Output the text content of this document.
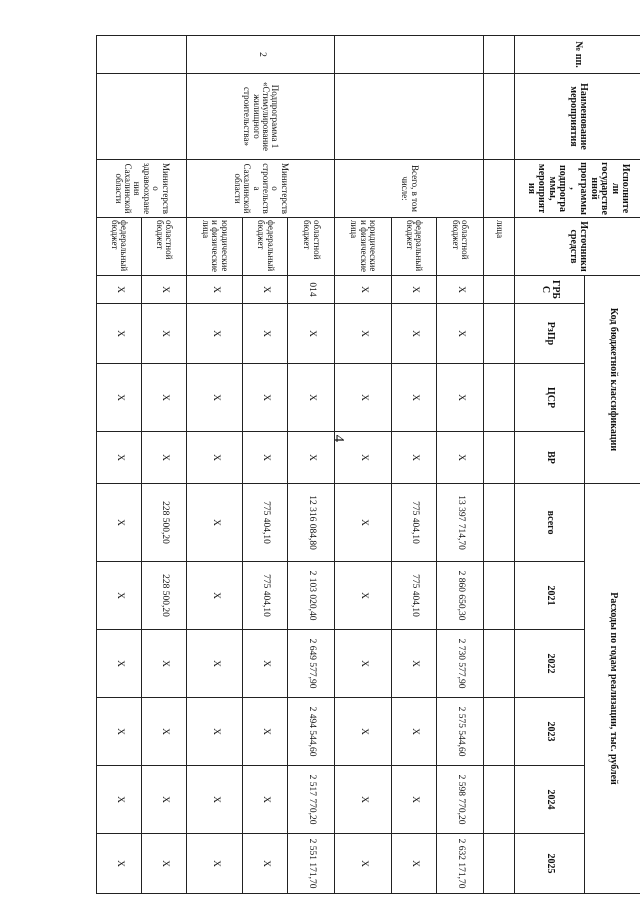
4
№ пп.	Наименование мероприятия	Исполнители государственной программы, подпрограммы, мероприятия	Источники средств	Код бюджетной классификации				Расходы по годам реализации, тыс. рублей					
				ГРБС	РзПр	ЦСР	ВР	всего	2021	2022	2023	2024	2025
			лица										
		Всего, в том числе:	областной бюджет	X	X	X	X	13 397 714,70	2 860 650,30	2 730 577,90	2 575 544,60	2 598 770,20	2 632 171,70
			федеральный бюджет	X	X	X	X	775 404,10	775 404,10	X	X	X	X
			юридические и физические лица	X	X	X	X	X	X	X	X	X	X
2	Подпрограмма 1 «Стимулирование жилищного строительства»	Министерство строительства Сахалинской области	областной бюджет	014	X	X	X	12 316 084,80	2 103 020,40	2 649 577,90	2 494 544,60	2 517 770,20	2 551 171,70
			федеральный бюджет	X	X	X	X	775 404,10	775 404,10	X	X	X	X
			юридические и физические лица	X	X	X	X	X	X	X	X	X	X
		Министерство здравоохранения Сахалинской области	областной бюджет	X	X	X	X	228 500,20	228 500,20	X	X	X	X
			федеральный бюджет	X	X	X	X	X	X	X	X	X	X
